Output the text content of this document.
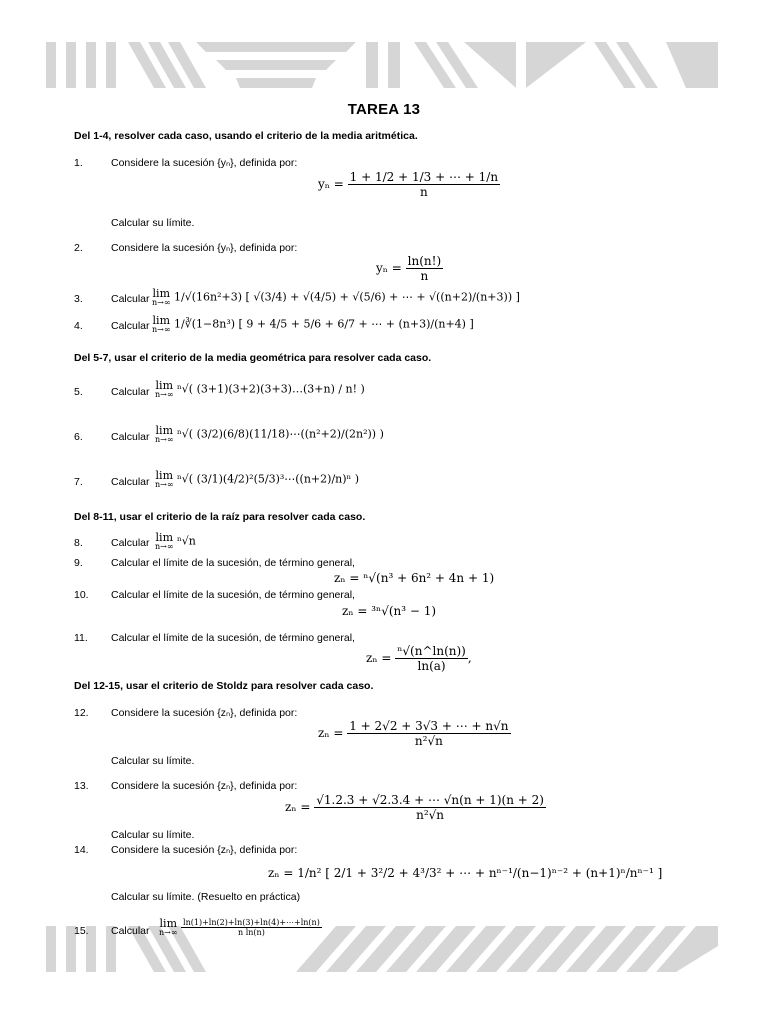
TAREA 13
Del 1-4, resolver cada caso, usando el criterio de la media aritmética.
1.	Considere la sucesión {yₙ}, definida por:
$y_n = \frac{1 + 1/2 + 1/3 + \cdots + 1/n}{n}$
Calcular su límite.
2.	Considere la sucesión {yₙ}, definida por:
$y_n = \frac{\ln(n!)}{n}$
3.	Calcular lim
n→∞ 1/√(16n²+3) [ √(3/4) + √(4/5) + √(5/6) + ⋯ + √((n+2)/(n+3)) ]
4.	Calcular lim
n→∞ 1/∛(1−8n³) [ 9 + 4/5 + 5/6 + 6/7 + ⋯ + (n+3)/(n+4) ]
Del 5-7, usar el criterio de la media geométrica para resolver cada caso.
5.	Calcular lim
n→∞ ⁿ√( (3+1)(3+2)(3+3)…(3+n) / n! )
6.	Calcular lim
n→∞ ⁿ√( (3/2)(6/8)(11/18)⋯((n²+2)/(2n²)) )
7.	Calcular lim
n→∞ ⁿ√( (3/1)(4/2)²(5/3)³⋯((n+2)/n)ⁿ )
Del 8-11, usar el criterio de la raíz para resolver cada caso.
8.	Calcular lim
n→∞ ⁿ√n
9.	Calcular el límite de la sucesión, de término general,
zₙ = ⁿ√(n³ + 6n² + 4n + 1)
10. Calcular el límite de la sucesión, de término general,
zₙ = ³ⁿ√(n³ − 1)
11. Calcular el límite de la sucesión, de término general,
$z_n = \frac{\text{ⁿ√(n\textasciicircum{}ln(n))}}{\ln(a)}$ ,
Del 12-15, usar el criterio de Stoldz para resolver cada caso.
12. Considere la sucesión {zₙ}, definida por:
$z_n = \frac{1 + 2√2 + 3√3 + \cdots + n√n}{\text{n²√n}}$
Calcular su límite.
13. Considere la sucesión {zₙ}, definida por:
$z_n = \frac{√1.2.3 + √2.3.4 + \cdots √n(n + 1)(n + 2)}{\text{n²√n}}$
Calcular su límite.
14. Considere la sucesión {zₙ}, definida por:
zₙ = 1/n² [ 2/1 + 3²/2 + 4³/3² + ⋯ + nⁿ⁻¹/(n−1)ⁿ⁻² + (n+1)ⁿ/nⁿ⁻¹ ]
Calcular su límite. (Resuelto en práctica)
15. Calcular
lim
n→∞
$\frac{\ln(1)+\ln(2)+\ln(3)+\ln(4)+\cdots+\ln(n)}{\text{n ln(n)}}$
